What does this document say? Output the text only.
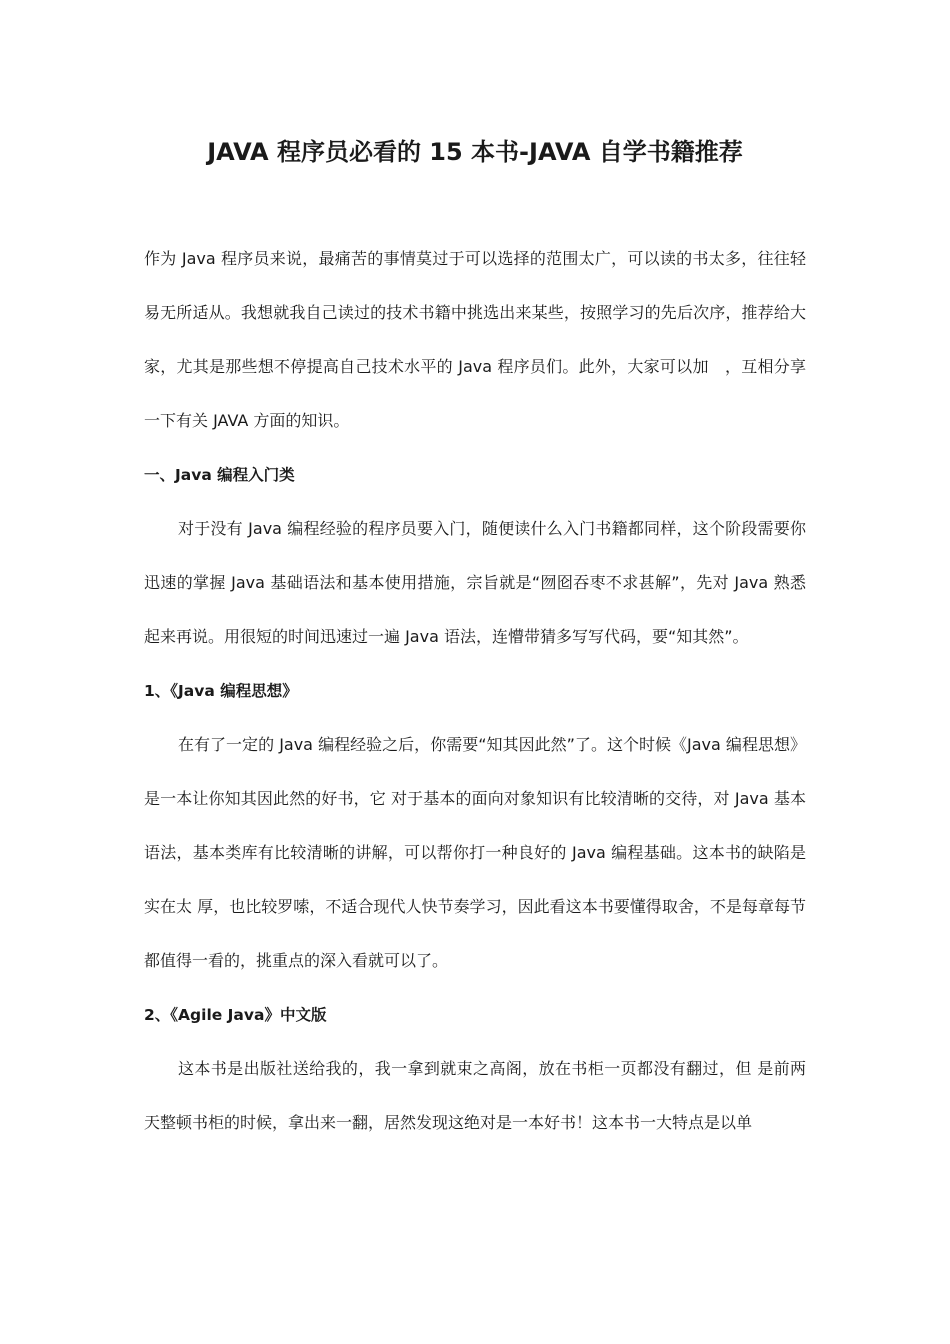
JAVA 程序员必看的 15 本书-JAVA 自学书籍推荐

作为 Java 程序员来说，最痛苦的事情莫过于可以选择的范围太广，可以读的书太多，往往轻易无所适从。我想就我自己读过的技术书籍中挑选出来某些，按照学习的先后次序，推荐给大家，尤其是那些想不停提高自己技术水平的 Java 程序员们。此外，大家可以加　，互相分享一下有关 JAVA 方面的知识。

一、Java 编程入门类

对于没有 Java 编程经验的程序员要入门，随便读什么入门书籍都同样，这个阶段需要你迅速的掌握 Java 基础语法和基本使用措施，宗旨就是“囫囵吞枣不求甚解”，先对 Java 熟悉起来再说。用很短的时间迅速过一遍 Java 语法，连懵带猜多写写代码，要“知其然”。

1、《Java 编程思想》

在有了一定的 Java 编程经验之后，你需要“知其因此然”了。这个时候《Java 编程思想》是一本让你知其因此然的好书，它 对于基本的面向对象知识有比较清晰的交待，对 Java 基本语法，基本类库有比较清晰的讲解，可以帮你打一种良好的 Java 编程基础。这本书的缺陷是实在太 厚，也比较罗嗦，不适合现代人快节奏学习，因此看这本书要懂得取舍，不是每章每节都值得一看的，挑重点的深入看就可以了。

2、《Agile Java》中文版

这本书是出版社送给我的，我一拿到就束之高阁，放在书柜一页都没有翻过，但 是前两天整顿书柜的时候，拿出来一翻，居然发现这绝对是一本好书！这本书一大特点是以单
